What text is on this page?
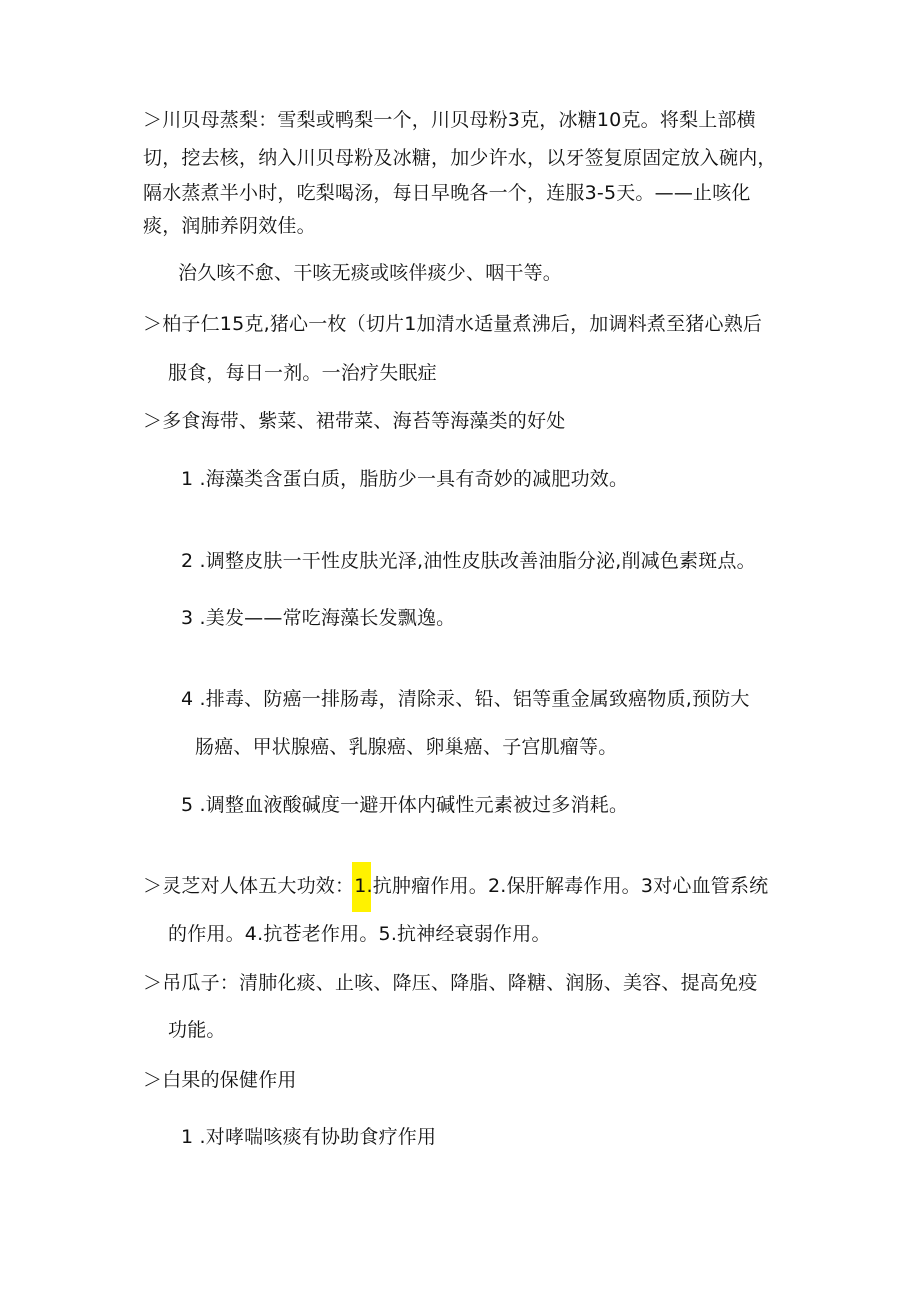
＞川贝母蒸梨：雪梨或鸭梨一个，川贝母粉3克，冰糖10克。将梨上部横
切，挖去核，纳入川贝母粉及冰糖，加少许水，以牙签复原固定放入碗内，
隔水蒸煮半小时，吃梨喝汤，每日早晚各一个，连服3-5天。——止咳化
痰，润肺养阴效佳。
治久咳不愈、干咳无痰或咳伴痰少、咽干等。
＞柏子仁15克,猪心一枚（切片1加清水适量煮沸后，加调料煮至猪心熟后
服食，每日一剂。一治疗失眠症
＞多食海带、紫菜、裙带菜、海苔等海藻类的好处
1 .海藻类含蛋白质，脂肪少一具有奇妙的减肥功效。
2 .调整皮肤一干性皮肤光泽,油性皮肤改善油脂分泌,削减色素斑点。
3 .美发——常吃海藻长发飘逸。
4 .排毒、防癌一排肠毒，清除汞、铅、铝等重金属致癌物质,预防大
肠癌、甲状腺癌、乳腺癌、卵巢癌、子宫肌瘤等。
5 .调整血液酸碱度一避开体内碱性元素被过多消耗。
＞灵芝对人体五大功效：1.抗肿瘤作用。2.保肝解毒作用。3对心血管系统
的作用。4.抗苍老作用。5.抗神经衰弱作用。
＞吊瓜子：清肺化痰、止咳、降压、降脂、降糖、润肠、美容、提高免疫
功能。
＞白果的保健作用
1 .对哮喘咳痰有协助食疗作用
